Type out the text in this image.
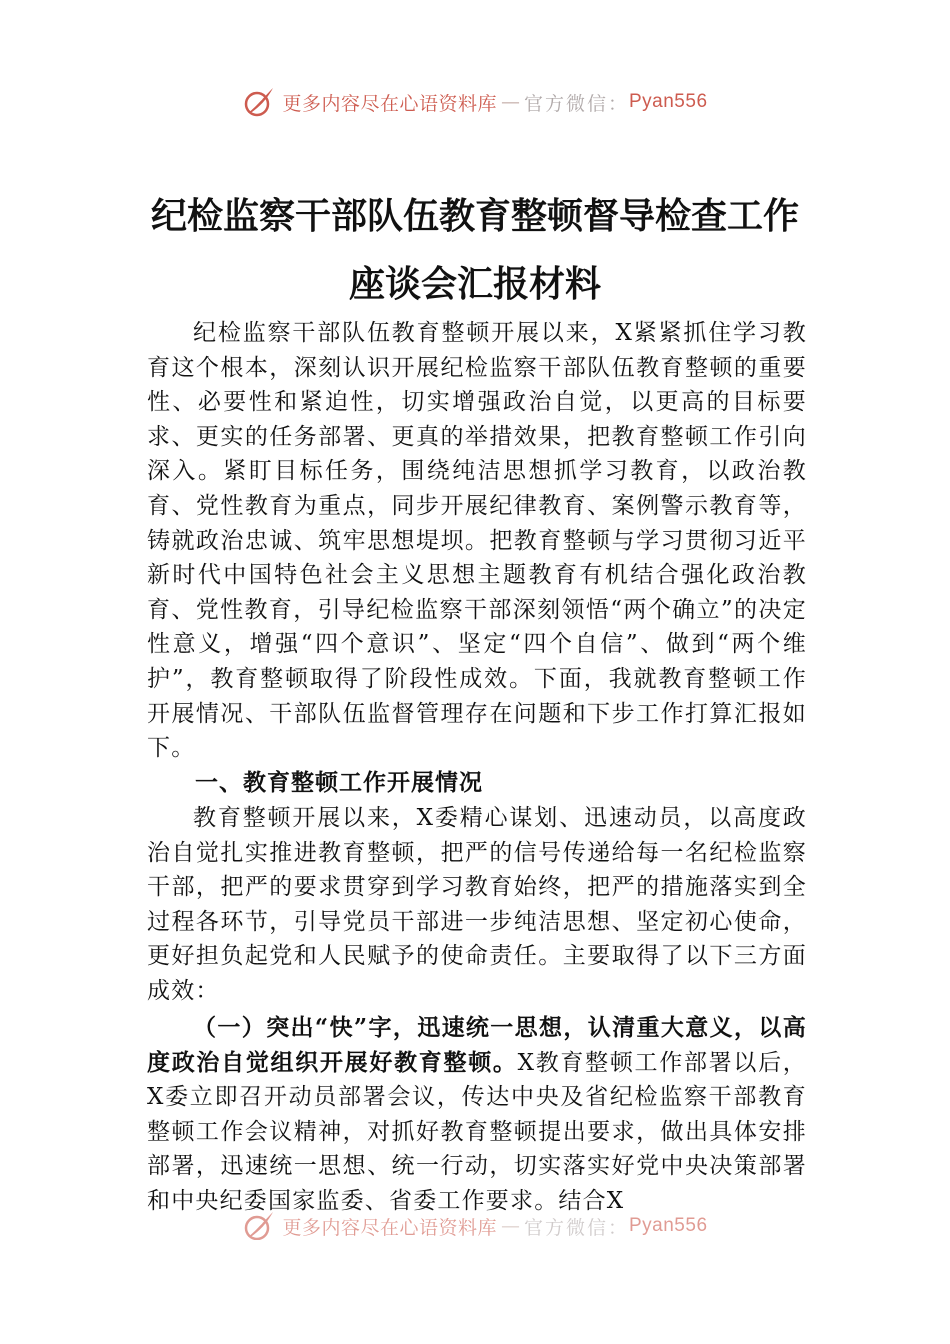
更多内容尽在心语资料库 — 官方微信： Pyan556
纪检监察干部队伍教育整顿督导检查工作
座谈会汇报材料
纪检监察干部队伍教育整顿开展以来，X紧紧抓住学习教育这个根本，深刻认识开展纪检监察干部队伍教育整顿的重要性、必要性和紧迫性，切实增强政治自觉，以更高的目标要求、更实的任务部署、更真的举措效果，把教育整顿工作引向深入。紧盯目标任务，围绕纯洁思想抓学习教育，以政治教育、党性教育为重点，同步开展纪律教育、案例警示教育等，铸就政治忠诚、筑牢思想堤坝。把教育整顿与学习贯彻习近平新时代中国特色社会主义思想主题教育有机结合强化政治教育、党性教育，引导纪检监察干部深刻领悟“两个确立”的决定性意义，增强“四个意识”、坚定“四个自信”、做到“两个维护”，教育整顿取得了阶段性成效。下面，我就教育整顿工作开展情况、干部队伍监督管理存在问题和下步工作打算汇报如下。
一、教育整顿工作开展情况
教育整顿开展以来，X委精心谋划、迅速动员，以高度政治自觉扎实推进教育整顿，把严的信号传递给每一名纪检监察干部，把严的要求贯穿到学习教育始终，把严的措施落实到全过程各环节，引导党员干部进一步纯洁思想、坚定初心使命，更好担负起党和人民赋予的使命责任。主要取得了以下三方面成效：
（一）突出“快”字，迅速统一思想，认清重大意义，以高度政治自觉组织开展好教育整顿。X教育整顿工作部署以后，X委立即召开动员部署会议，传达中央及省纪检监察干部教育整顿工作会议精神，对抓好教育整顿提出要求，做出具体安排部署，迅速统一思想、统一行动，切实落实好党中央决策部署和中央纪委国家监委、省委工作要求。结合X
更多内容尽在心语资料库 — 官方微信： Pyan556
